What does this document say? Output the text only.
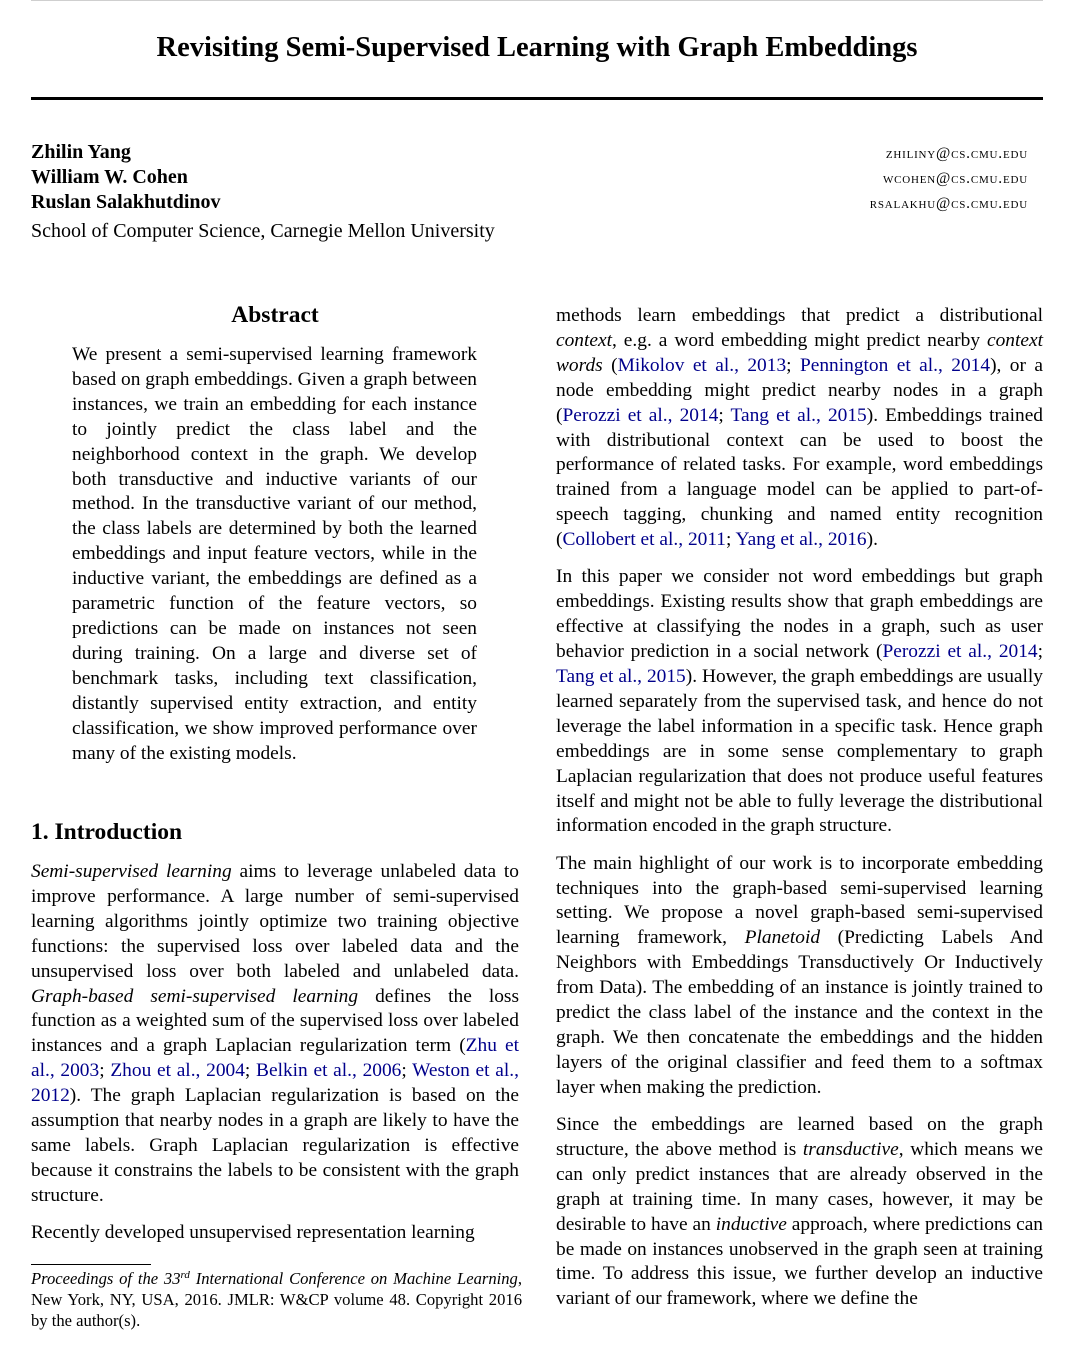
Revisiting Semi-Supervised Learning with Graph Embeddings
Zhilin Yang	zhiliny@cs.cmu.edu
William W. Cohen	wcohen@cs.cmu.edu
Ruslan Salakhutdinov	rsalakhu@cs.cmu.edu
School of Computer Science, Carnegie Mellon University
Abstract
We present a semi-supervised learning framework based on graph embeddings. Given a graph between instances, we train an embedding for each instance to jointly predict the class label and the neighborhood context in the graph. We develop both transductive and inductive variants of our method. In the transductive variant of our method, the class labels are determined by both the learned embeddings and input feature vectors, while in the inductive variant, the embeddings are defined as a parametric function of the feature vectors, so predictions can be made on instances not seen during training. On a large and diverse set of benchmark tasks, including text classification, distantly supervised entity extraction, and entity classification, we show improved performance over many of the existing models.
1. Introduction

Semi-supervised learning aims to leverage unlabeled data to improve performance. A large number of semi-supervised learning algorithms jointly optimize two training objective functions: the supervised loss over labeled data and the unsupervised loss over both labeled and unlabeled data. Graph-based semi-supervised learning defines the loss function as a weighted sum of the supervised loss over labeled instances and a graph Laplacian regularization term (Zhu et al., 2003; Zhou et al., 2004; Belkin et al., 2006; Weston et al., 2012). The graph Laplacian regularization is based on the assumption that nearby nodes in a graph are likely to have the same labels. Graph Laplacian regularization is effective because it constrains the labels to be consistent with the graph structure.

Recently developed unsupervised representation learning

methods learn embeddings that predict a distributional context, e.g. a word embedding might predict nearby context words (Mikolov et al., 2013; Pennington et al., 2014), or a node embedding might predict nearby nodes in a graph (Perozzi et al., 2014; Tang et al., 2015). Embeddings trained with distributional context can be used to boost the performance of related tasks. For example, word embeddings trained from a language model can be applied to part-of-speech tagging, chunking and named entity recognition (Collobert et al., 2011; Yang et al., 2016).

In this paper we consider not word embeddings but graph embeddings. Existing results show that graph embeddings are effective at classifying the nodes in a graph, such as user behavior prediction in a social network (Perozzi et al., 2014; Tang et al., 2015). However, the graph embeddings are usually learned separately from the supervised task, and hence do not leverage the label information in a specific task. Hence graph embeddings are in some sense complementary to graph Laplacian regularization that does not produce useful features itself and might not be able to fully leverage the distributional information encoded in the graph structure.

The main highlight of our work is to incorporate embedding techniques into the graph-based semi-supervised learning setting. We propose a novel graph-based semi-supervised learning framework, Planetoid (Predicting Labels And Neighbors with Embeddings Transductively Or Inductively from Data). The embedding of an instance is jointly trained to predict the class label of the instance and the context in the graph. We then concatenate the embeddings and the hidden layers of the original classifier and feed them to a softmax layer when making the prediction.

Since the embeddings are learned based on the graph structure, the above method is transductive, which means we can only predict instances that are already observed in the graph at training time. In many cases, however, it may be desirable to have an inductive approach, where predictions can be made on instances unobserved in the graph seen at training time. To address this issue, we further develop an inductive variant of our framework, where we define the

Proceedings of the 33rd International Conference on Machine Learning, New York, NY, USA, 2016. JMLR: W&CP volume 48. Copyright 2016 by the author(s).
